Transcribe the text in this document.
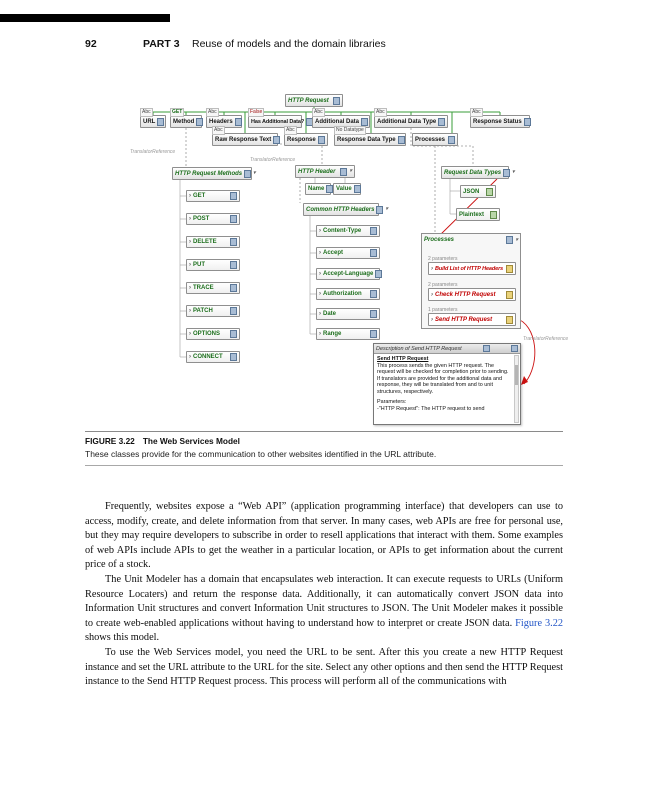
92	PART 3 Reuse of models and the domain libraries
HTTP Request
Abc	GET	Abc	False	Abc	Abc	Abc
URL	Method Headers	Has Additional Data? Additional Data	Additional Data Type	Response Status
Abc	Abc	No Datatype
Raw Response Text	Response	Response Data Type	Processes
TranslatorReference
TranslatorReference
TranslatorReference
HTTP Request Methods ▾
› GET
› POST
› DELETE
› PUT
› TRACE
› PATCH
› OPTIONS
› CONNECT
HTTP Header	▾
Name Value
Common HTTP Headers ▾
› Content-Type
› Accept
› Accept-Language
› Authorization
› Date
› Range
Request Data Types ▾
JSON
Plaintext
Processes	▾
2 parameters
› Build List of HTTP Headers
2 parameters
› Check HTTP Request
1 parameters
› Send HTTP Request
Description of Send HTTP Request
Send HTTP Request
This process sends the given HTTP request. The request will be checked for completion prior to sending. If translators are provided for the additional data and response, they will be translated from and to unit structures, respectively.
Parameters:
-"HTTP Request": The HTTP request to send
FIGURE 3.22 The Web Services Model
These classes provide for the communication to other websites identified in the URL attribute.

Frequently, websites expose a “Web API” (application programming interface) that developers can use to access, modify, create, and delete information from that server. In many cases, web APIs are free for personal use, but they may require developers to subscribe in order to resell applications that interact with them. Some examples of web APIs include APIs to get the weather in a particular location, or APIs to get information about the current price of a stock.

The Unit Modeler has a domain that encapsulates web interaction. It can execute requests to URLs (Uniform Resource Locaters) and return the response data. Additionally, it can automatically convert JSON data into Information Unit structures and convert Information Unit structures to JSON. The Unit Modeler makes it possible to create web-enabled applications without having to understand how to interpret or create JSON data. Figure 3.22 shows this model.

To use the Web Services model, you need the URL to be sent. After this you create a new HTTP Request instance and set the URL attribute to the URL for the site. Select any other options and then send the HTTP Request instance to the Send HTTP Request process. This process will perform all of the communications with
